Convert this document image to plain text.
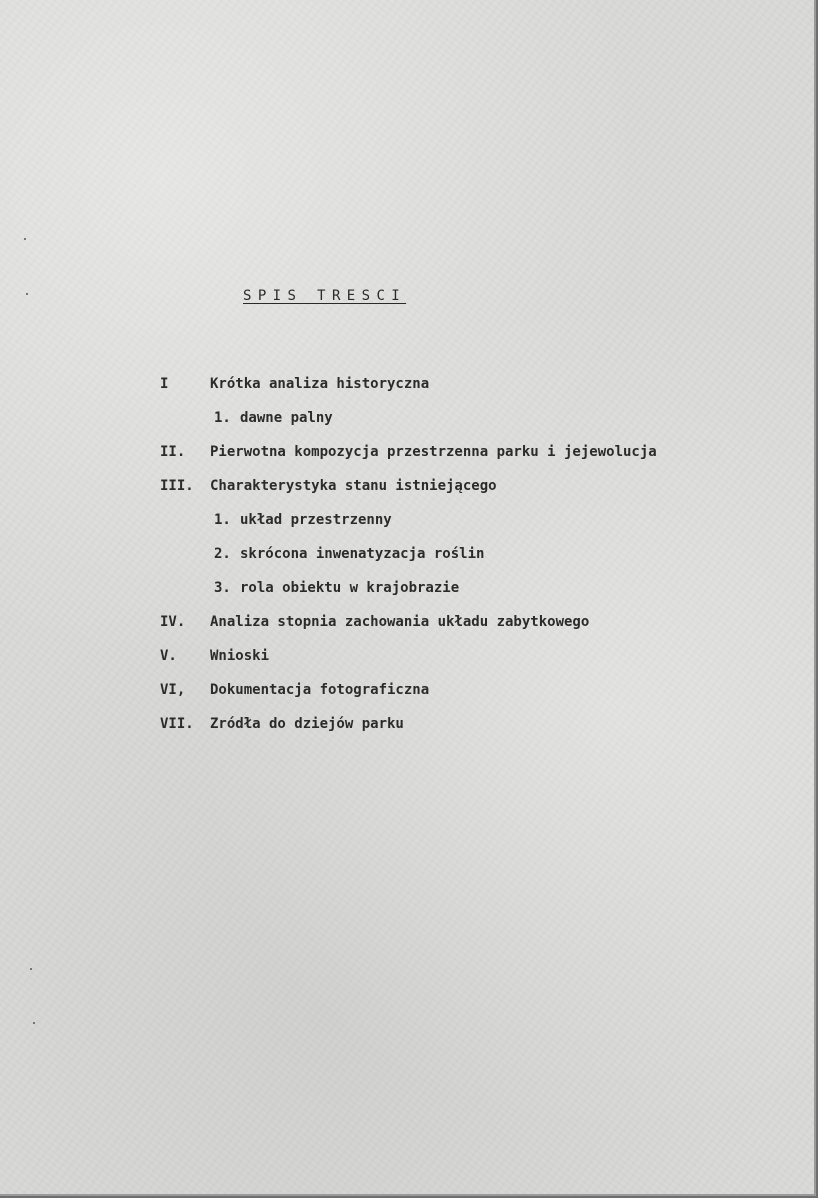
SPIS TRESCI
I	Krótka analiza historyczna
1. dawne palny
II. Pierwotna kompozycja przestrzenna parku i jejewolucja
III. Charakterystyka stanu istniejącego
1. układ przestrzenny
2. skrócona inwenatyzacja roślin
3. rola obiektu w krajobrazie
IV. Analiza stopnia zachowania układu zabytkowego
V. Wnioski
VI, Dokumentacja fotograficzna
VII. Zródła do dziejów parku
